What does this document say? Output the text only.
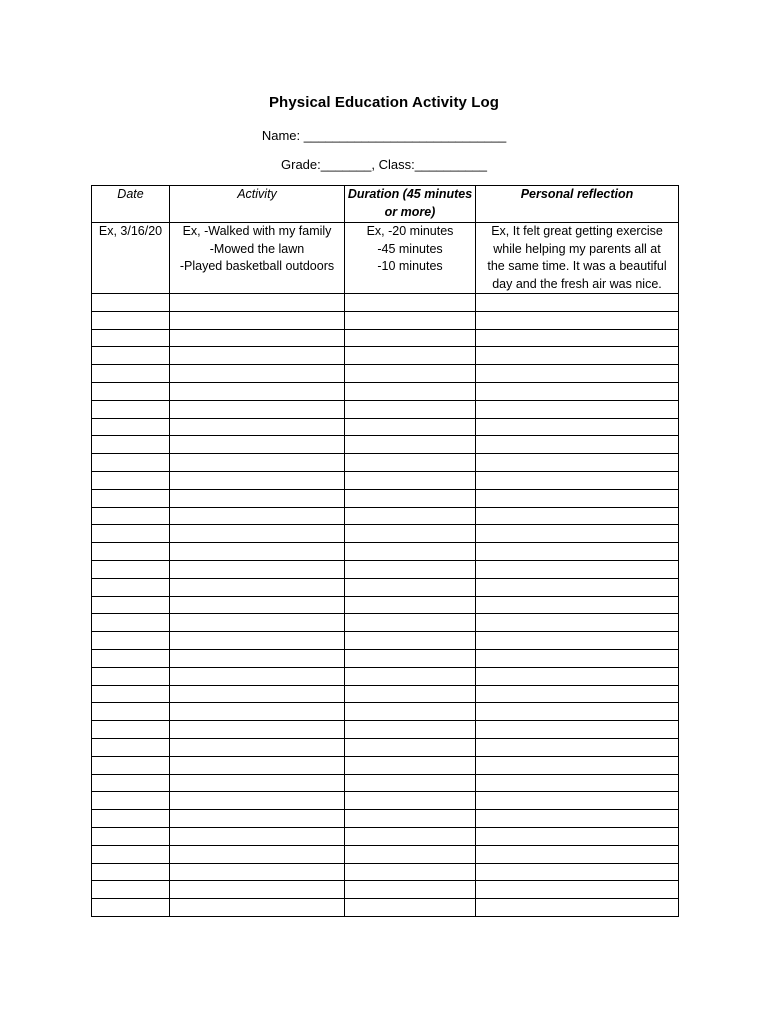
Physical Education Activity Log
Name: ____________________________
Grade:_______, Class:__________
Date	Activity	Duration (45 minutes or more)	Personal reflection
Ex, 3/16/20	Ex, -Walked with my family
-Mowed the lawn
-Played basketball outdoors	Ex, -20 minutes
-45 minutes
-10 minutes	Ex, It felt great getting exercise
while helping my parents all at
the same time. It was a beautiful
day and the fresh air was nice.
